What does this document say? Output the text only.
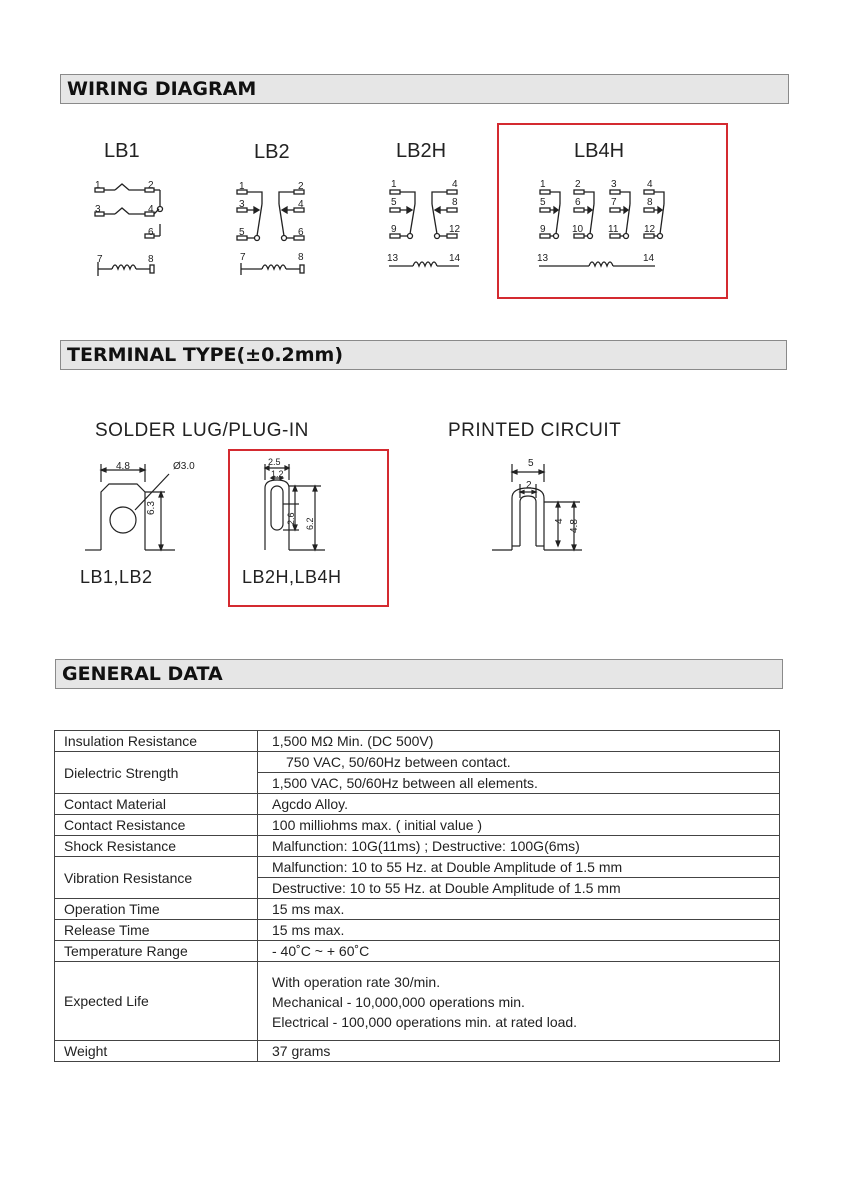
WIRING DIAGRAM
TERMINAL TYPE(±0.2mm)
GENERAL DATA
LB1
1	2
3	4
6
7	8
LB2
1	2
3	4
5	6
7	8
LB2H
1	4
5	8
9	12
13	14
LB4H
1	2	3	4
5	6	7	8
9	10 11	12
13	14
SOLDER LUG/PLUG-IN	PRINTED CIRCUIT
4.8	Ø3.0
6.3
LB1,LB2
2.5
1.2
2.6 6.2
LB2H,LB4H
5
2
4 4.8
Insulation Resistance	1,500 MΩ Min. (DC 500V)

Dielectric Strength	750 VAC, 50/60Hz between contact.
1,500 VAC, 50/60Hz between all elements.

Contact Material	Agcdo Alloy.

Contact Resistance	100 milliohms max. ( initial value )

Shock Resistance	Malfunction: 10G(11ms) ; Destructive: 100G(6ms)

Vibration Resistance	Malfunction: 10 to 55 Hz. at Double Amplitude of 1.5 mm
Destructive: 10 to 55 Hz. at Double Amplitude of 1.5 mm

Operation Time	15 ms max.

Release Time	15 ms max.

Temperature Range	- 40˚C ~ + 60˚C

Expected Life	With operation rate 30/min.
Mechanical - 10,000,000 operations min.
Electrical - 100,000 operations min. at rated load.

Weight	37 grams
